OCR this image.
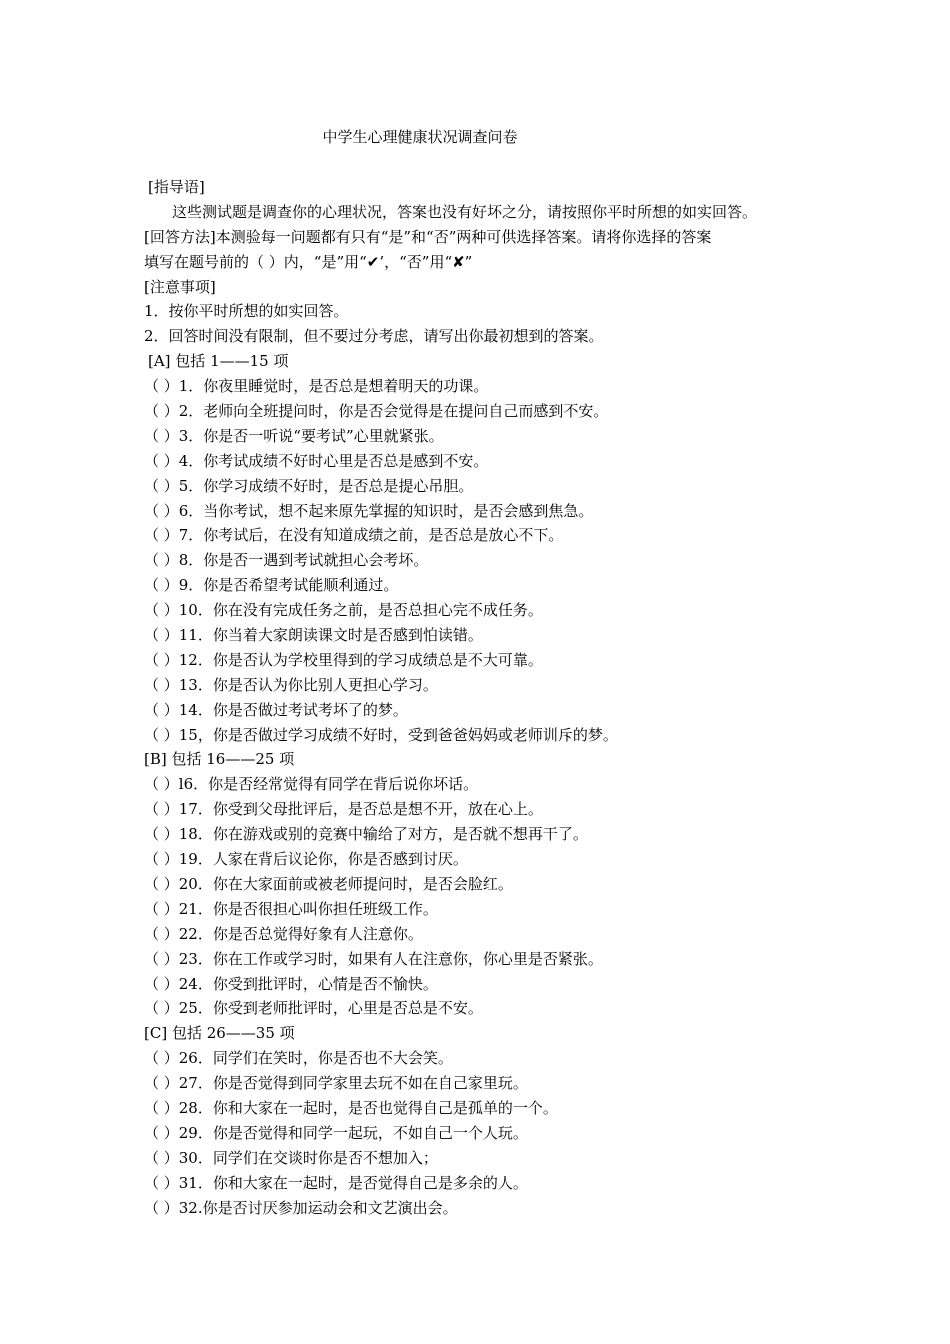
中学生心理健康状况调查问卷
[指导语]
这些测试题是调查你的心理状况，答案也没有好坏之分，请按照你平时所想的如实回答。
[回答方法]本测验每一问题都有只有“是”和“否”两种可供选择答案。请将你选择的答案
填写在题号前的（ ）内，“是”用“✔’，“否”用“✘”
[注意事项]
1．按你平时所想的如实回答。
2．回答时间没有限制，但不要过分考虑，请写出你最初想到的答案。
[A] 包括 1——15 项
（ ）1．你夜里睡觉时，是否总是想着明天的功课。
（ ）2．老师向全班提问时，你是否会觉得是在提问自己而感到不安。
（ ）3．你是否一听说“要考试”心里就紧张。
（ ）4．你考试成绩不好时心里是否总是感到不安。
（ ）5．你学习成绩不好时，是否总是提心吊胆。
（ ）6．当你考试，想不起来原先掌握的知识时，是否会感到焦急。
（ ）7．你考试后，在没有知道成绩之前，是否总是放心不下。
（ ）8．你是否一遇到考试就担心会考坏。
（ ）9．你是否希望考试能顺利通过。
（ ）10．你在没有完成任务之前，是否总担心完不成任务。
（ ）11．你当着大家朗读课文时是否感到怕读错。
（ ）12．你是否认为学校里得到的学习成绩总是不大可靠。
（ ）13．你是否认为你比别人更担心学习。
（ ）14．你是否做过考试考坏了的梦。
（ ）15，你是否做过学习成绩不好时，受到爸爸妈妈或老师训斥的梦。
[B] 包括 16——25 项
（ ）l6．你是否经常觉得有同学在背后说你坏话。
（ ）17．你受到父母批评后，是否总是想不开，放在心上。
（ ）18．你在游戏或别的竞赛中输给了对方，是否就不想再干了。
（ ）19．人家在背后议论你，你是否感到讨厌。
（ ）20．你在大家面前或被老师提问时，是否会脸红。
（ ）21．你是否很担心叫你担任班级工作。
（ ）22．你是否总觉得好象有人注意你。
（ ）23．你在工作或学习时，如果有人在注意你，你心里是否紧张。
（ ）24．你受到批评时，心情是否不愉快。
（ ）25．你受到老师批评时，心里是否总是不安。
[C] 包括 26——35 项
（ ）26．同学们在笑时，你是否也不大会笑。
（ ）27．你是否觉得到同学家里去玩不如在自己家里玩。
（ ）28．你和大家在一起时，是否也觉得自己是孤单的一个。
（ ）29．你是否觉得和同学一起玩，不如自己一个人玩。
（ ）30．同学们在交谈时你是否不想加入；
（ ）31．你和大家在一起时，是否觉得自己是多余的人。
（ ）32.你是否讨厌参加运动会和文艺演出会。
